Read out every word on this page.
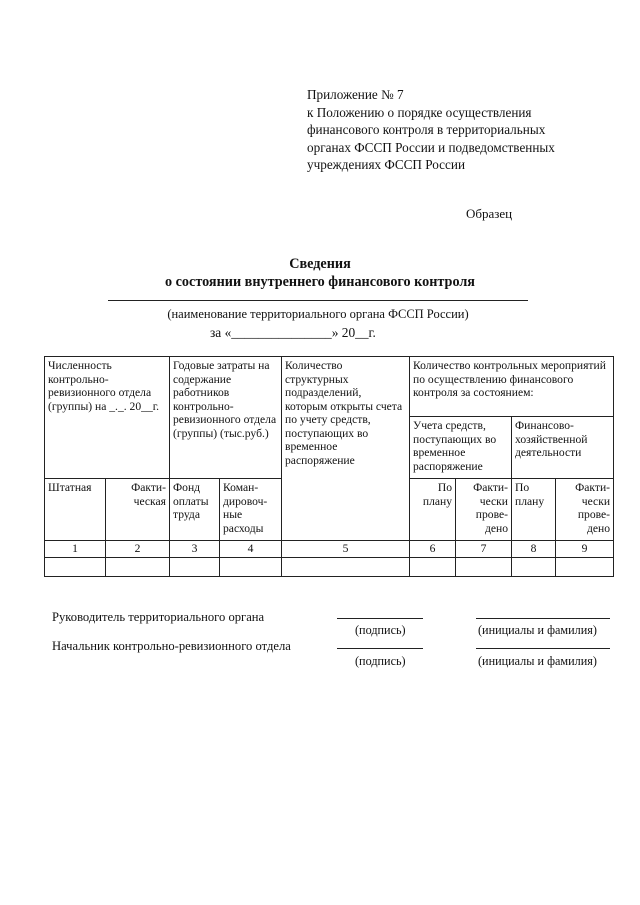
Приложение № 7
к Положению о порядке осуществления
финансового контроля в территориальных
органах ФССП России и подведомственных
учреждениях ФССП России
Образец
Сведения
о состоянии внутреннего финансового контроля
(наименование территориального органа ФССП России)
за «_______________» 20__г.
Численность контрольно-ревизионного отдела (группы) на _._. 20__г.		Годовые затраты на содержание работников контрольно-ревизионного отдела (группы) (тыс.руб.)		Количество структурных подразделений, которым открыты счета по учету средств, поступающих во временное распоряжение	Количество контрольных мероприятий по осуществлению финансового контроля за состоянием:			
					Учета средств, поступающих во временное распоряжение		Финансово-хозяйственной деятельности	
Штатная	Факти-ческая	Фонд оплаты труда	Коман-дировоч-ные расходы		По плану	Факти-чески прове-дено	По плану	Факти-чески прове-дено
1	2	3	4	5	6	7	8	9

Руководитель территориального органа
(подпись)	(инициалы и фамилия)
Начальник контрольно-ревизионного отдела
(подпись)	(инициалы и фамилия)
